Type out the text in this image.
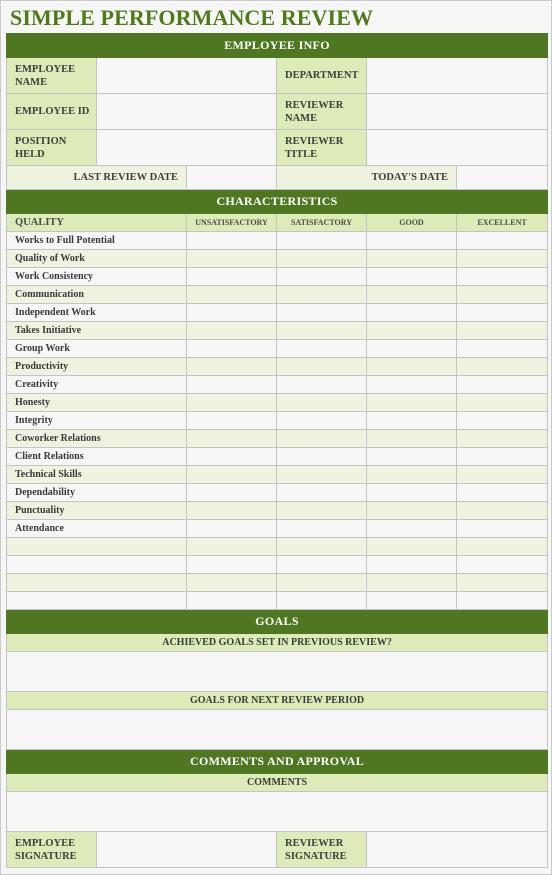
SIMPLE PERFORMANCE REVIEW
EMPLOYEE INFO					
EMPLOYEE NAME			DEPARTMENT		
EMPLOYEE ID			REVIEWER NAME		
POSITION HELD			REVIEWER TITLE		
LAST REVIEW DATE			TODAY'S DATE		
CHARACTERISTICS					
QUALITY		UNSATISFACTORY	SATISFACTORY	GOOD	EXCELLENT
Works to Full Potential					
Quality of Work					
Work Consistency					
Communication					
Independent Work					
Takes Initiative					
Group Work					
Productivity					
Creativity					
Honesty					
Integrity					
Coworker Relations					
Client Relations					
Technical Skills					
Dependability					
Punctuality					
Attendance					

GOALS					
ACHIEVED GOALS SET IN PREVIOUS REVIEW?					

GOALS FOR NEXT REVIEW PERIOD					

COMMENTS AND APPROVAL					
COMMENTS					

EMPLOYEE SIGNATURE			REVIEWER SIGNATURE		
